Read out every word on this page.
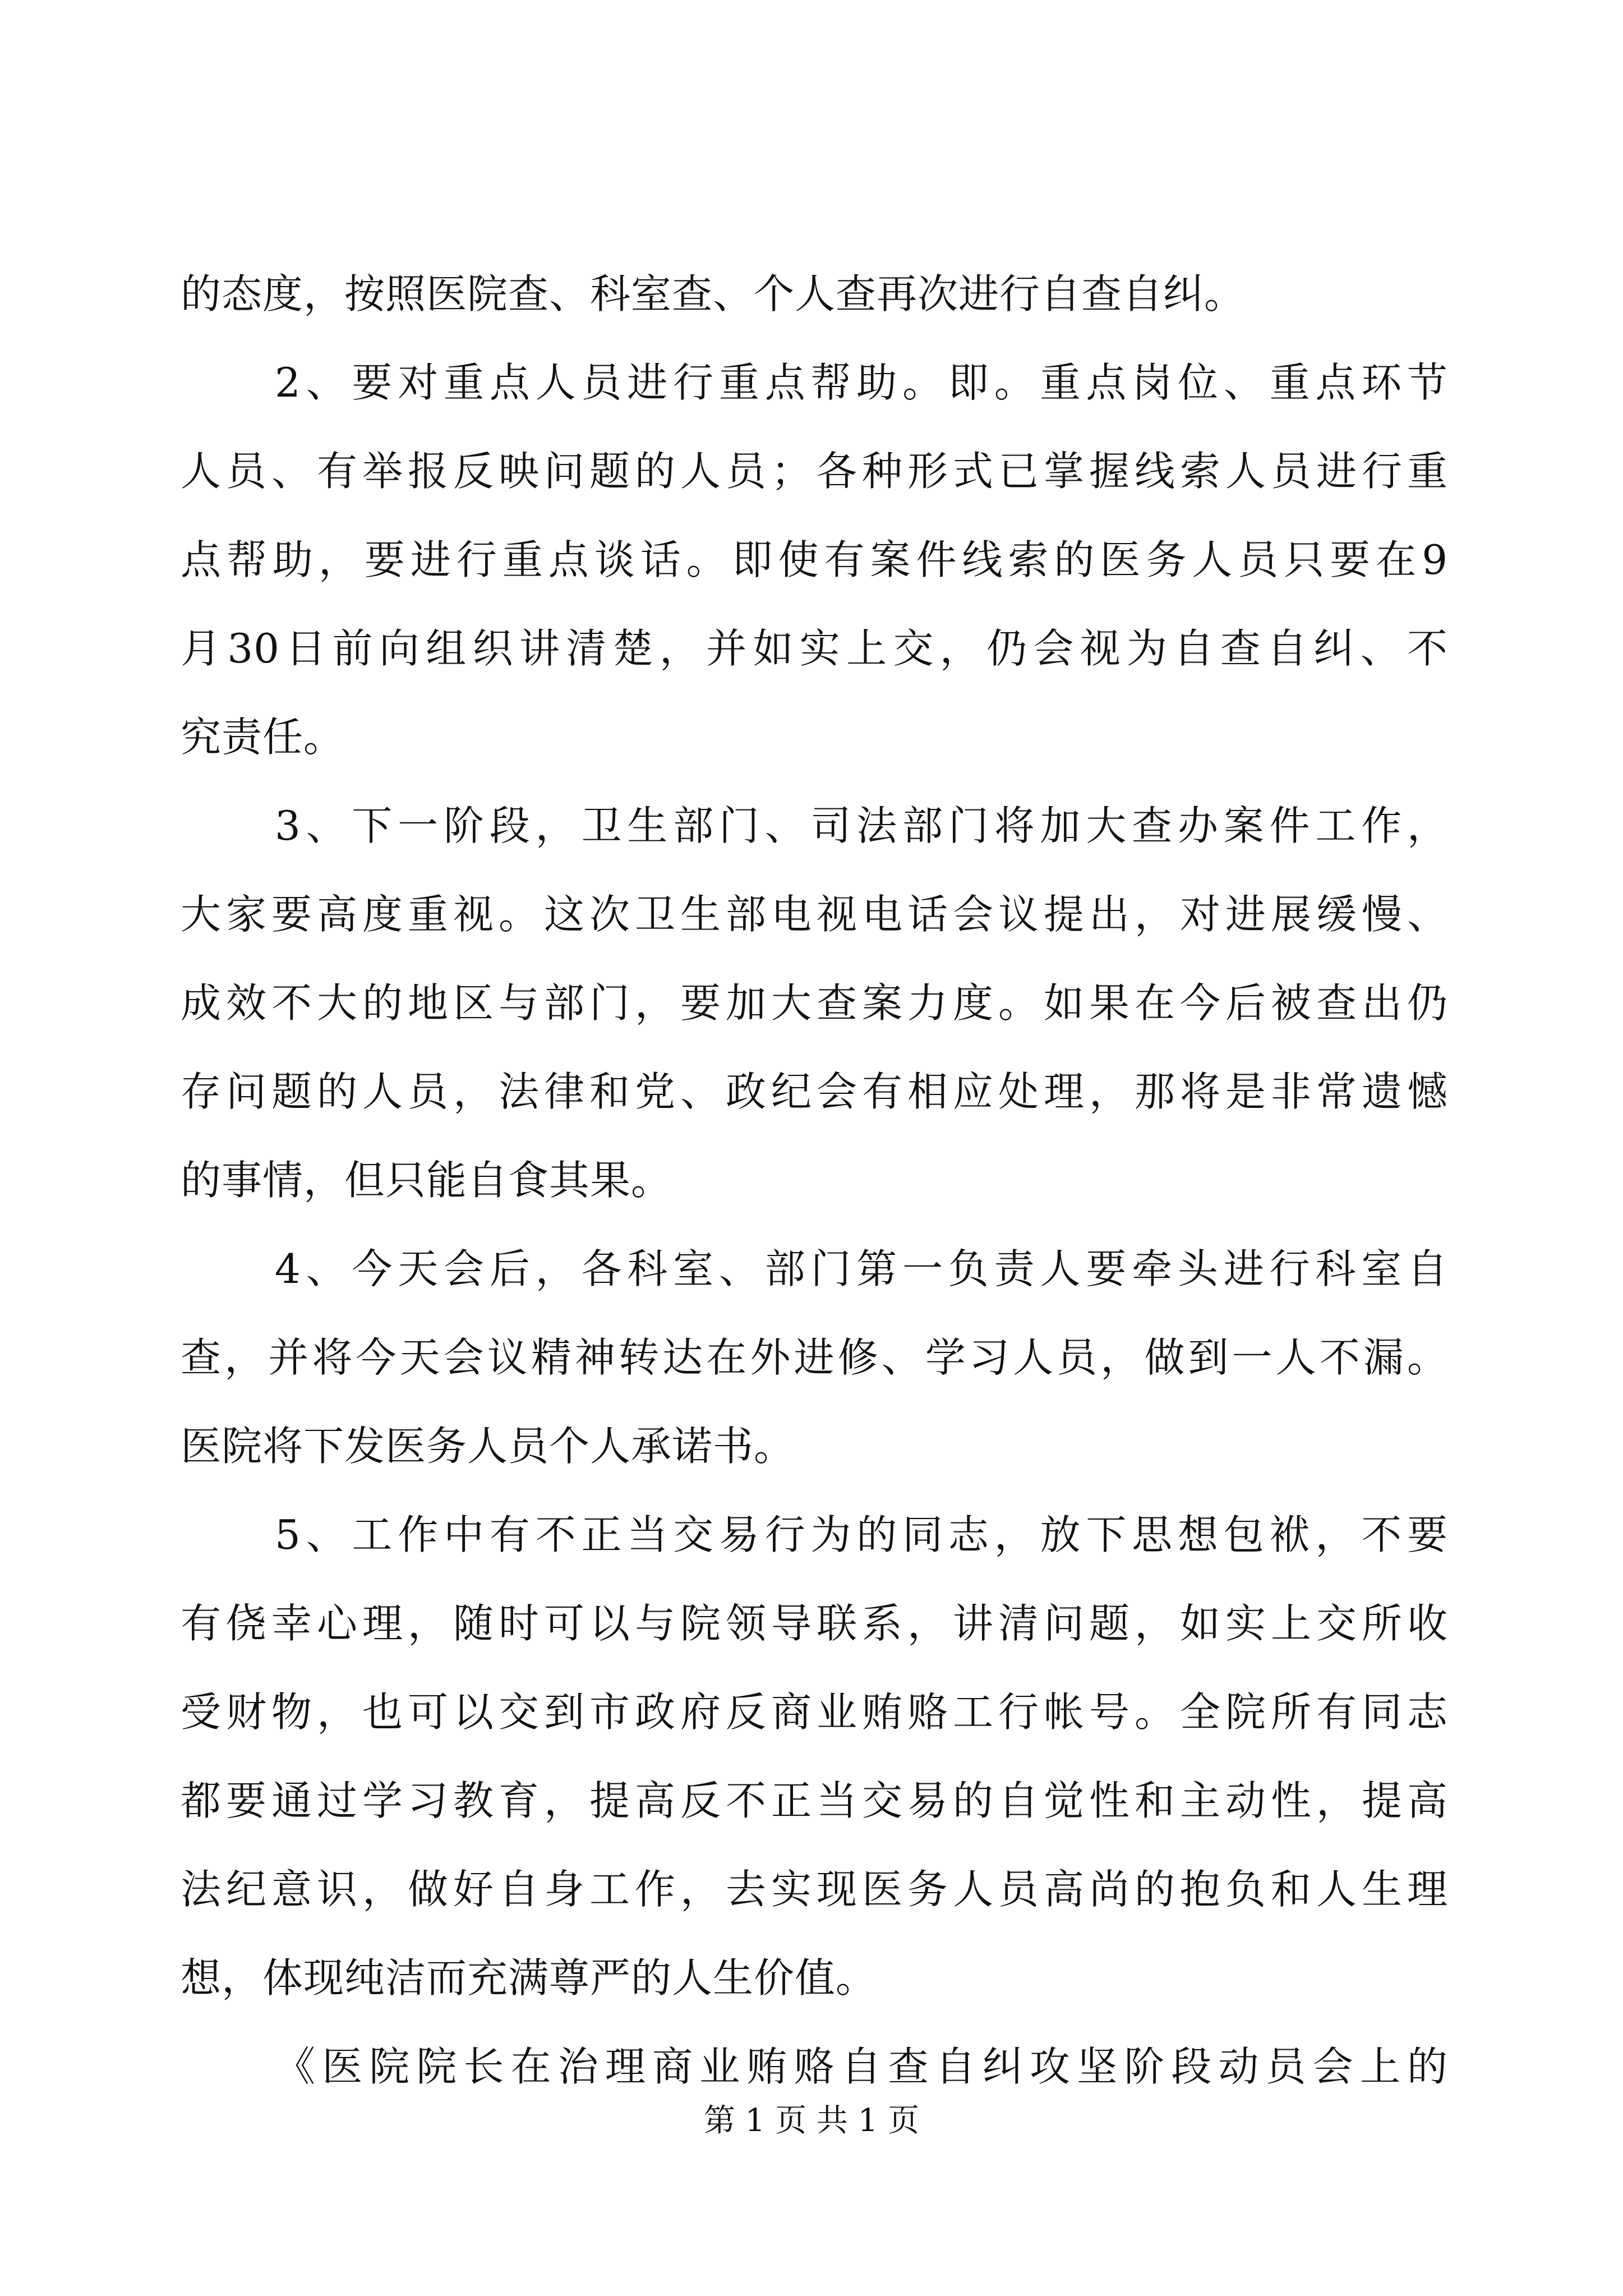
的态度，按照医院查、科室查、个人查再次进行自查自纠。
2、要对重点人员进行重点帮助。即。重点岗位、重点环节
人员、有举报反映问题的人员；各种形式已掌握线索人员进行重
点帮助，要进行重点谈话。即使有案件线索的医务人员只要在9
月30日前向组织讲清楚，并如实上交，仍会视为自查自纠、不
究责任。
3、下一阶段，卫生部门、司法部门将加大查办案件工作，
大家要高度重视。这次卫生部电视电话会议提出，对进展缓慢、
成效不大的地区与部门，要加大查案力度。如果在今后被查出仍
存问题的人员，法律和党、政纪会有相应处理，那将是非常遗憾
的事情，但只能自食其果。
4、今天会后，各科室、部门第一负责人要牵头进行科室自
查，并将今天会议精神转达在外进修、学习人员，做到一人不漏。
医院将下发医务人员个人承诺书。
5、工作中有不正当交易行为的同志，放下思想包袱，不要
有侥幸心理，随时可以与院领导联系，讲清问题，如实上交所收
受财物，也可以交到市政府反商业贿赂工行帐号。全院所有同志
都要通过学习教育，提高反不正当交易的自觉性和主动性，提高
法纪意识，做好自身工作，去实现医务人员高尚的抱负和人生理
想，体现纯洁而充满尊严的人生价值。
《医院院长在治理商业贿赂自查自纠攻坚阶段动员会上的
第 1 页 共 1 页
